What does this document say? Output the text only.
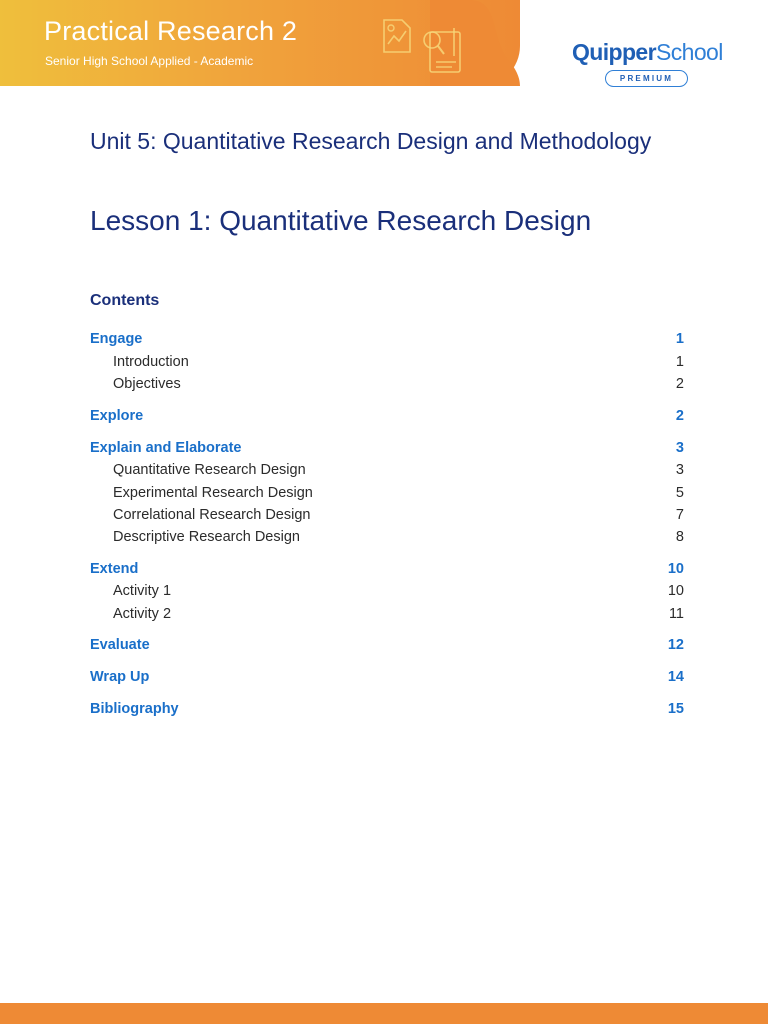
Practical Research 2
Senior High School Applied - Academic	QuipperSchool
PREMIUM
Unit 5: Quantitative Research Design and Methodology
Lesson 1: Quantitative Research Design
Contents
Engage	1
Introduction	1
Objectives	2
Explore	2
Explain and Elaborate	3
Quantitative Research Design	3
Experimental Research Design	5
Correlational Research Design	7
Descriptive Research Design	8
Extend	10
Activity 1	10
Activity 2	11
Evaluate	12
Wrap Up	14
Bibliography	15
